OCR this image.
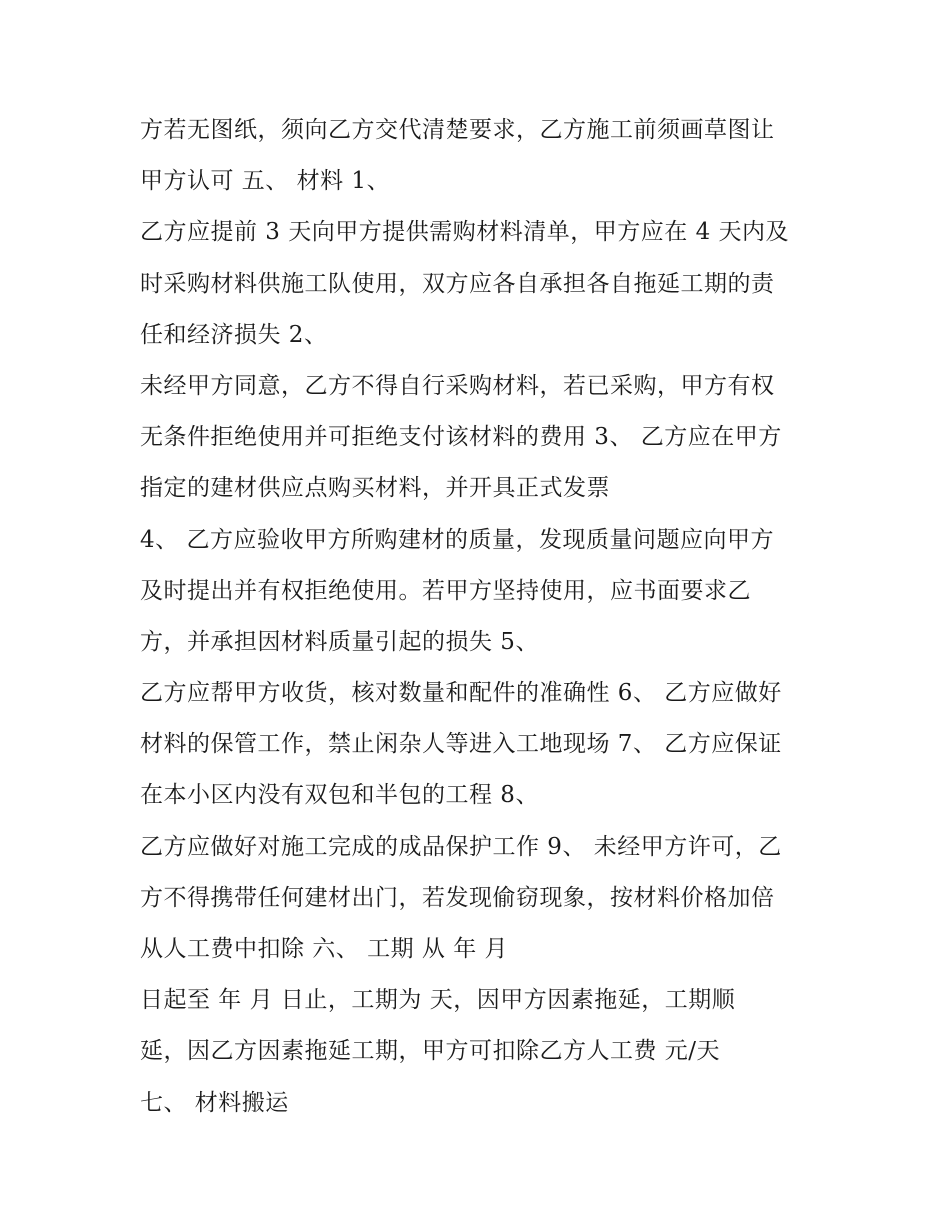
方若无图纸，须向乙方交代清楚要求，乙方施工前须画草图让

甲方认可 五、 材料 1、

乙方应提前 3 天向甲方提供需购材料清单，甲方应在 4 天内及

时采购材料供施工队使用，双方应各自承担各自拖延工期的责

任和经济损失 2、

未经甲方同意，乙方不得自行采购材料，若已采购，甲方有权

无条件拒绝使用并可拒绝支付该材料的费用 3、 乙方应在甲方

指定的建材供应点购买材料，并开具正式发票

4、 乙方应验收甲方所购建材的质量，发现质量问题应向甲方

及时提出并有权拒绝使用。若甲方坚持使用，应书面要求乙

方，并承担因材料质量引起的损失 5、

乙方应帮甲方收货，核对数量和配件的准确性 6、 乙方应做好

材料的保管工作，禁止闲杂人等进入工地现场 7、 乙方应保证

在本小区内没有双包和半包的工程 8、

乙方应做好对施工完成的成品保护工作 9、 未经甲方许可，乙

方不得携带任何建材出门，若发现偷窃现象，按材料价格加倍

从人工费中扣除 六、 工期 从 年 月

日起至 年 月 日止，工期为 天，因甲方因素拖延，工期顺

延，因乙方因素拖延工期，甲方可扣除乙方人工费 元/天

七、 材料搬运
